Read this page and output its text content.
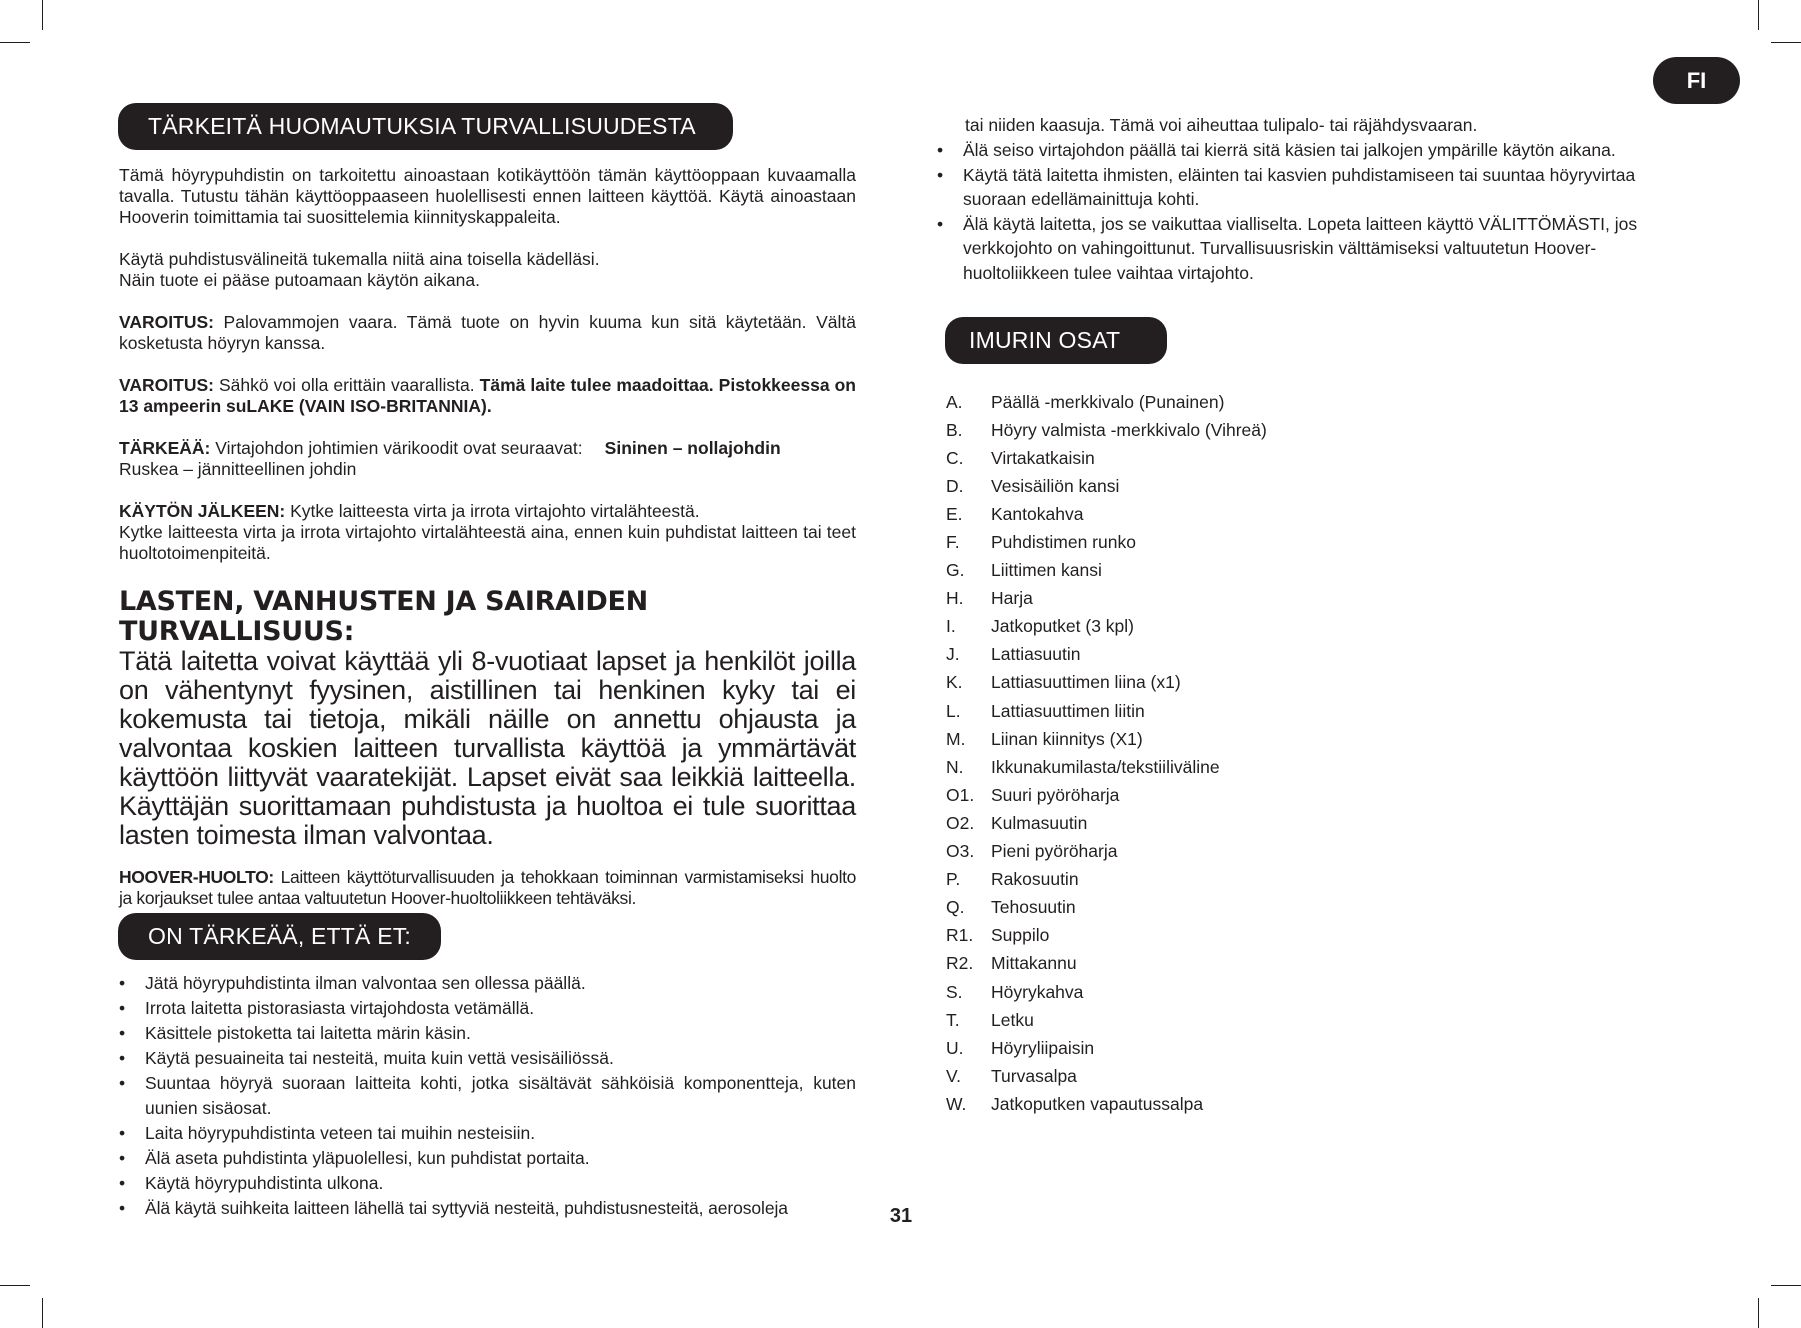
FI
31
TÄRKEITÄ HUOMAUTUKSIA TURVALLISUUDESTA

Tämä höyrypuhdistin on tarkoitettu ainoastaan kotikäyttöön tämän käyttöoppaan kuvaamalla tavalla. Tutustu tähän käyttöoppaaseen huolellisesti ennen laitteen käyttöä. Käytä ainoastaan Hooverin toimittamia tai suosittelemia kiinnityskappaleita.

Käytä puhdistusvälineitä tukemalla niitä aina toisella kädelläsi.
Näin tuote ei pääse putoamaan käytön aikana.

VAROITUS: Palovammojen vaara. Tämä tuote on hyvin kuuma kun sitä käytetään. Vältä kosketusta höyryn kanssa.

VAROITUS: Sähkö voi olla erittäin vaarallista. Tämä laite tulee maadoittaa. Pistokkeessa on 13 ampeerin suLAKE (VAIN ISO-BRITANNIA).

TÄRKEÄÄ: Virtajohdon johtimien värikoodit ovat seuraavat: Sininen – nollajohdin
Ruskea – jännitteellinen johdin

KÄYTÖN JÄLKEEN: Kytke laitteesta virta ja irrota virtajohto virtalähteestä.
Kytke laitteesta virta ja irrota virtajohto virtalähteestä aina, ennen kuin puhdistat laitteen tai teet huoltotoimenpiteitä.

LASTEN, VANHUSTEN JA SAIRAIDEN TURVALLISUUS:

Tätä laitetta voivat käyttää yli 8-vuotiaat lapset ja henkilöt joilla on vähentynyt fyysinen, aistillinen tai henkinen kyky tai ei kokemusta tai tietoja, mikäli näille on annettu ohjausta ja valvontaa koskien laitteen turvallista käyttöä ja ymmärtävät käyttöön liittyvät vaaratekijät. Lapset eivät saa leikkiä laitteella. Käyttäjän suorittamaan puhdistusta ja huoltoa ei tule suorittaa lasten toimesta ilman valvontaa.

HOOVER-HUOLTO: Laitteen käyttöturvallisuuden ja tehokkaan toiminnan varmistamiseksi huolto ja korjaukset tulee antaa valtuutetun Hoover-huoltoliikkeen tehtäväksi.

ON TÄRKEÄÄ, ETTÄ ET:
• Jätä höyrypuhdistinta ilman valvontaa sen ollessa päällä.
• Irrota laitetta pistorasiasta virtajohdosta vetämällä.
• Käsittele pistoketta tai laitetta märin käsin.
• Käytä pesuaineita tai nesteitä, muita kuin vettä vesisäiliössä.
• Suuntaa höyryä suoraan laitteita kohti, jotka sisältävät sähköisiä komponentteja, kuten uunien sisäosat.
• Laita höyrypuhdistinta veteen tai muihin nesteisiin.
• Älä aseta puhdistinta yläpuolellesi, kun puhdistat portaita.
• Käytä höyrypuhdistinta ulkona.
• Älä käytä suihkeita laitteen lähellä tai syttyviä nesteitä, puhdistusnesteitä, aerosoleja
tai niiden kaasuja. Tämä voi aiheuttaa tulipalo- tai räjähdysvaaran.
• Älä seiso virtajohdon päällä tai kierrä sitä käsien tai jalkojen ympärille käytön aikana.
• Käytä tätä laitetta ihmisten, eläinten tai kasvien puhdistamiseen tai suuntaa höyryvirtaa suoraan edellämainittuja kohti.
• Älä käytä laitetta, jos se vaikuttaa vialliselta. Lopeta laitteen käyttö VÄLITTÖMÄSTI, jos verkkojohto on vahingoittunut. Turvallisuusriskin välttämiseksi valtuutetun Hoover-huoltoliikkeen tulee vaihtaa virtajohto.
IMURIN OSAT
A.	Päällä -merkkivalo (Punainen)
B.	Höyry valmista -merkkivalo (Vihreä)
C.	Virtakatkaisin
D.	Vesisäiliön kansi
E.	Kantokahva
F.	Puhdistimen runko
G.	Liittimen kansi
H.	Harja
I.	Jatkoputket (3 kpl)
J.	Lattiasuutin
K.	Lattiasuuttimen liina (x1)
L.	Lattiasuuttimen liitin
M.	Liinan kiinnitys (X1)
N.	Ikkunakumilasta/tekstiiliväline
O1. Suuri pyöröharja
O2. Kulmasuutin
O3. Pieni pyöröharja
P.	Rakosuutin
Q.	Tehosuutin
R1.	Suppilo
R2.	Mittakannu
S.	Höyrykahva
T.	Letku
U.	Höyryliipaisin
V.	Turvasalpa
W.	Jatkoputken vapautussalpa
